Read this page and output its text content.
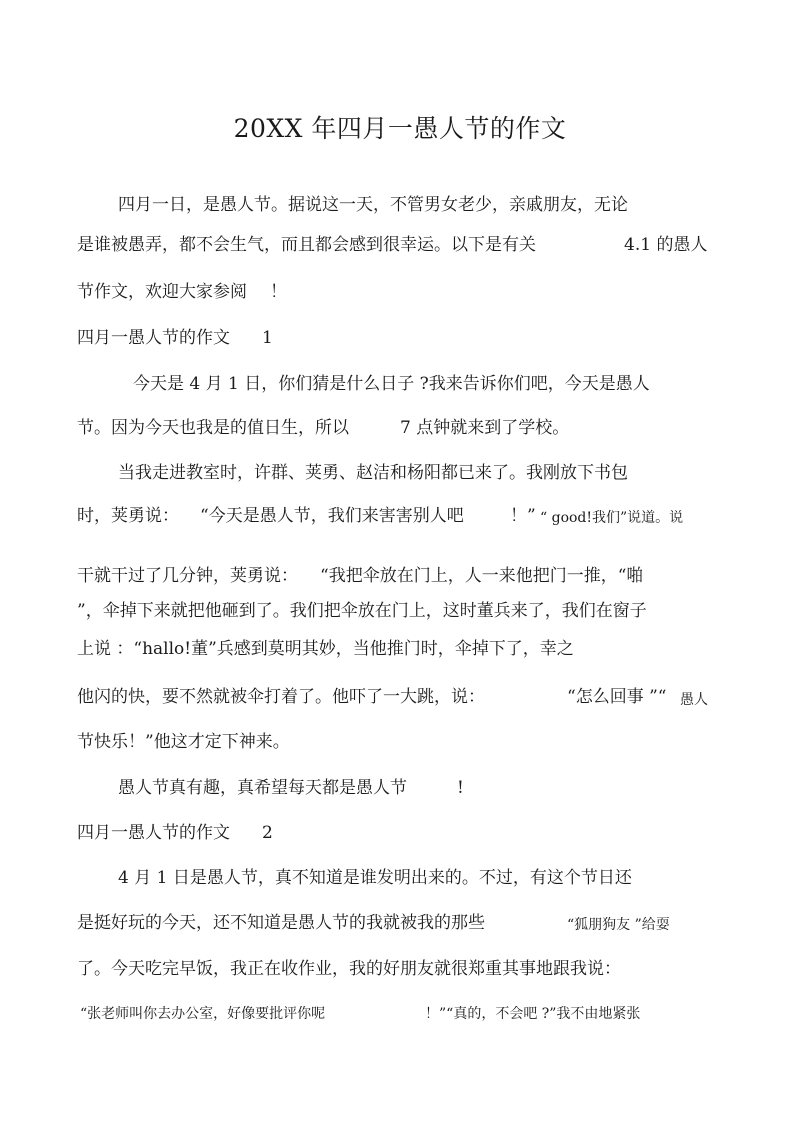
20XX 年四月一愚人节的作文

四月一日，是愚人节。据说这一天，不管男女老少，亲戚朋友，无论

是谁被愚弄，都不会生气，而且都会感到很幸运。以下是有关	4.1 的愚人

节作文，欢迎大家参阅 ！

四月一愚人节的作文 1

今天是 4 月 1 日，你们猜是什么日子 ?我来告诉你们吧，今天是愚人

节。因为今天也我是的值日生，所以	7 点钟就来到了学校。

当我走进教室时，许群、荚勇、赵洁和杨阳都已来了。我刚放下书包

时，荚勇说： “今天是愚人节，我们来害害别人吧	！” “ good!我们”说道。说

干就干过了几分钟，荚勇说： “我把伞放在门上，人一来他把门一推，“啪

”，伞掉下来就把他砸到了。我们把伞放在门上，这时董兵来了，我们在窗子

上说 ：“hallo!董”兵感到莫明其妙，当他推门时，伞掉下了，幸之

他闪的快，要不然就被伞打着了。他吓了一大跳，说：	“怎么回事 ”“ 愚人

节快乐！”他这才定下神来。

愚人节真有趣，真希望每天都是愚人节	!

四月一愚人节的作文 2

4 月 1 日是愚人节，真不知道是谁发明出来的。不过，有这个节日还

是挺好玩的今天，还不知道是愚人节的我就被我的那些	“狐朋狗友 ”给耍

了。今天吃完早饭，我正在收作业，我的好朋友就很郑重其事地跟我说：

“张老师叫你去办公室，好像要批评你呢	！”“真的，不会吧 ?”我不由地紧张
